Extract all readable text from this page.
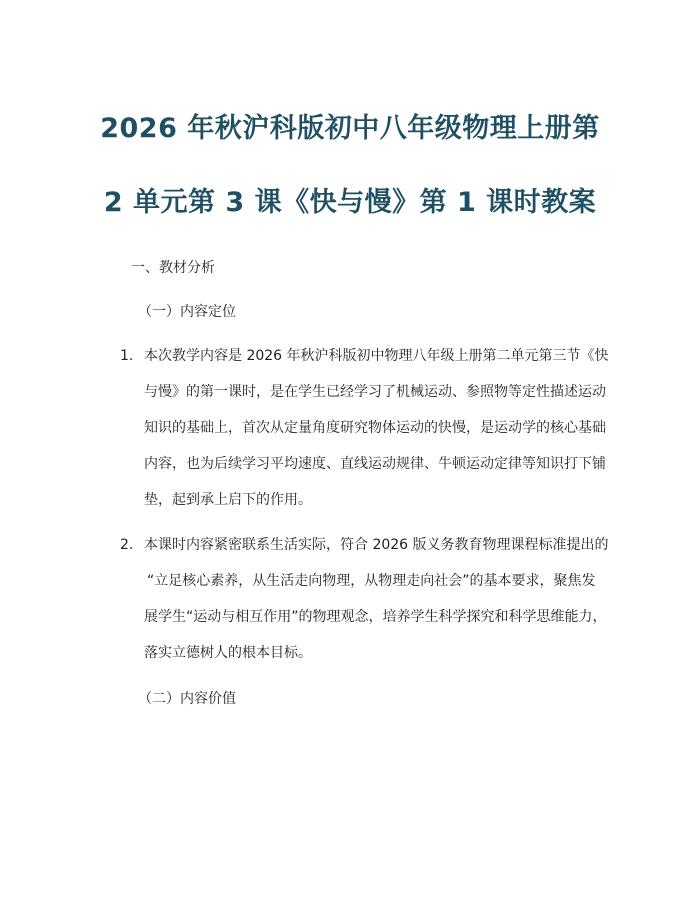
2026 年秋沪科版初中八年级物理上册第
2 单元第 3 课《快与慢》第 1 课时教案
一、教材分析
（一）内容定位
1. 本次教学内容是 2026 年秋沪科版初中物理八年级上册第二单元第三节《快
与慢》的第一课时，是在学生已经学习了机械运动、参照物等定性描述运动
知识的基础上，首次从定量角度研究物体运动的快慢，是运动学的核心基础
内容，也为后续学习平均速度、直线运动规律、牛顿运动定律等知识打下铺
垫，起到承上启下的作用。
2. 本课时内容紧密联系生活实际，符合 2026 版义务教育物理课程标准提出的
“立足核心素养，从生活走向物理，从物理走向社会”的基本要求，聚焦发
展学生“运动与相互作用”的物理观念，培养学生科学探究和科学思维能力，
落实立德树人的根本目标。
（二）内容价值
